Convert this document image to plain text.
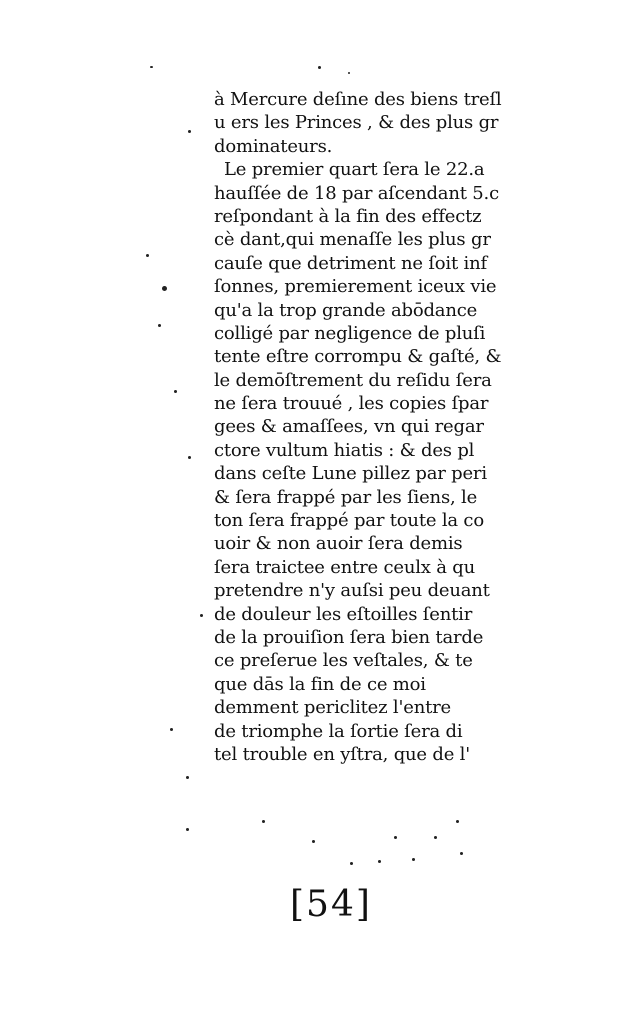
à Mercure deſıne des biens treſl
u ers les Princes , & des plus gr
dominateurs.
Le premier quart ſera le 22.a
hauſſée de 18 par aſcendant 5.c
reſpondant à la fin des effectz
cè dant,qui menaſſe les plus gr
cauſe que detriment ne ſoit inf
ſonnes, premierement iceux vie
qu'a la trop grande abōdance
colligé par negligence de pluſi
tente eſtre corrompu & gaſté, &
le demōſtrement du reſidu ſera
ne ſera trouué , les copies ſpar
gees & amaſſees, vn qui regar
ctore vultum hiatis : & des pl
dans ceſte Lune pillez par peri
& ſera frappé par les ſiens, le
ton ſera frappé par toute la co
uoir & non auoir ſera demis
ſera traictee entre ceulx à qu
pretendre n'y auſsi peu deuant
de douleur les eſtoilles ſentir
de la prouiſion ſera bien tarde
ce preſerue les veſtales, & te
que dās la fin de ce moi
demment periclitez l'entre
de triomphe la ſortie ſera di
tel trouble en yſtra, que de l'
[54]
